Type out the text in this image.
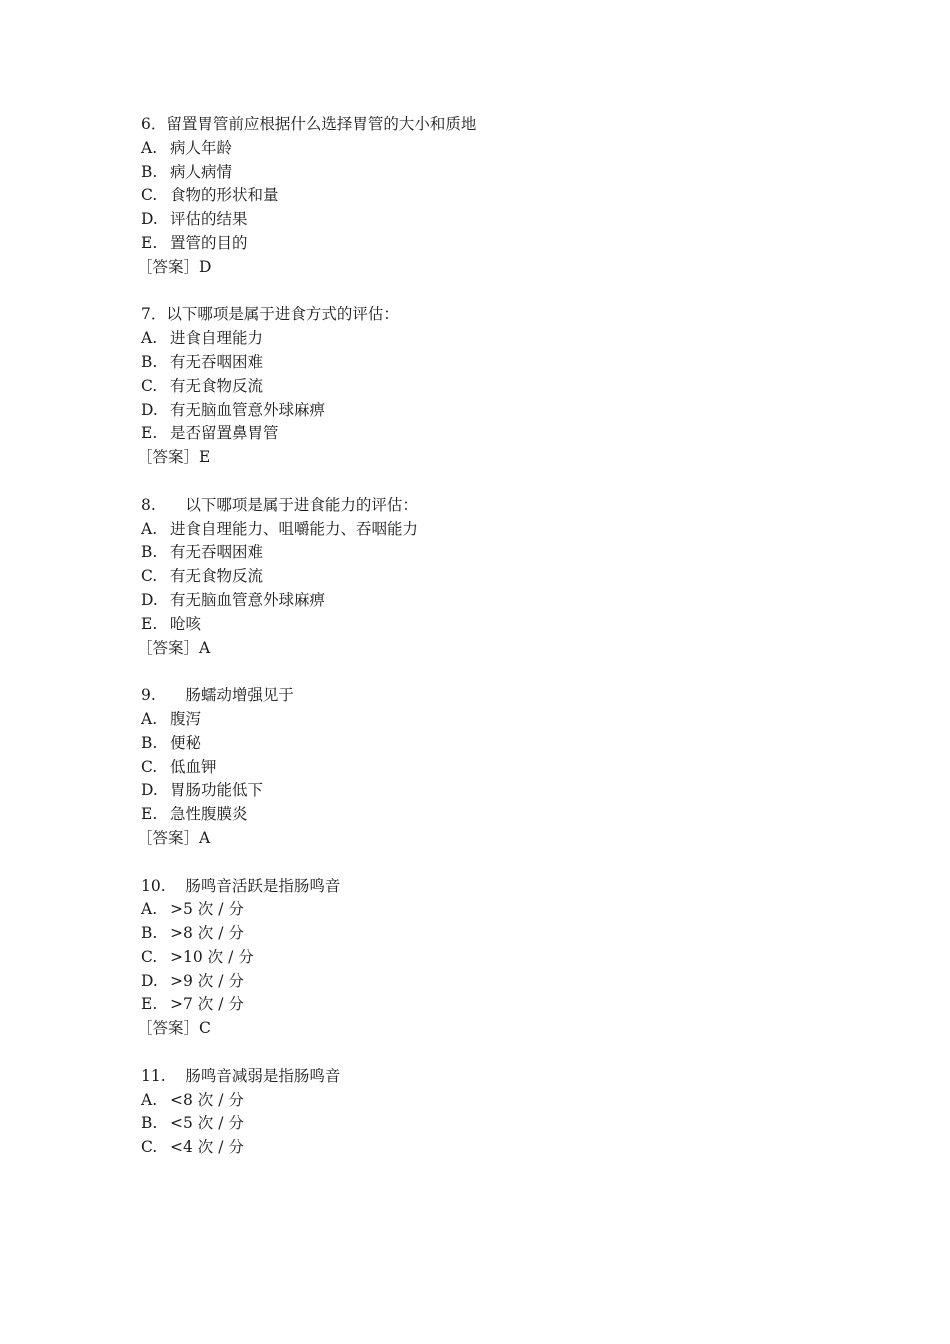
6．留置胃管前应根据什么选择胃管的大小和质地
A. 病人年龄
B. 病人病情
C. 食物的形状和量
D. 评估的结果
E. 置管的目的
［答案］D
7．以下哪项是属于进食方式的评估：
A. 进食自理能力
B. 有无吞咽困难
C. 有无食物反流
D. 有无脑血管意外球麻痹
E. 是否留置鼻胃管
［答案］E
8.      以下哪项是属于进食能力的评估：
A. 进食自理能力、咀嚼能力、吞咽能力
B. 有无吞咽困难
C. 有无食物反流
D. 有无脑血管意外球麻痹
E. 呛咳
［答案］A
9.      肠蠕动增强见于
A. 腹泻
B. 便秘
C. 低血钾
D. 胃肠功能低下
E. 急性腹膜炎
［答案］A
10.    肠鸣音活跃是指肠鸣音
A. >5 次 / 分
B. >8 次 / 分
C. >10 次 / 分
D. >9 次 / 分
E. >7 次 / 分
［答案］C
11.    肠鸣音减弱是指肠鸣音
A. <8 次 / 分
B. <5 次 / 分
C. <4 次 / 分
